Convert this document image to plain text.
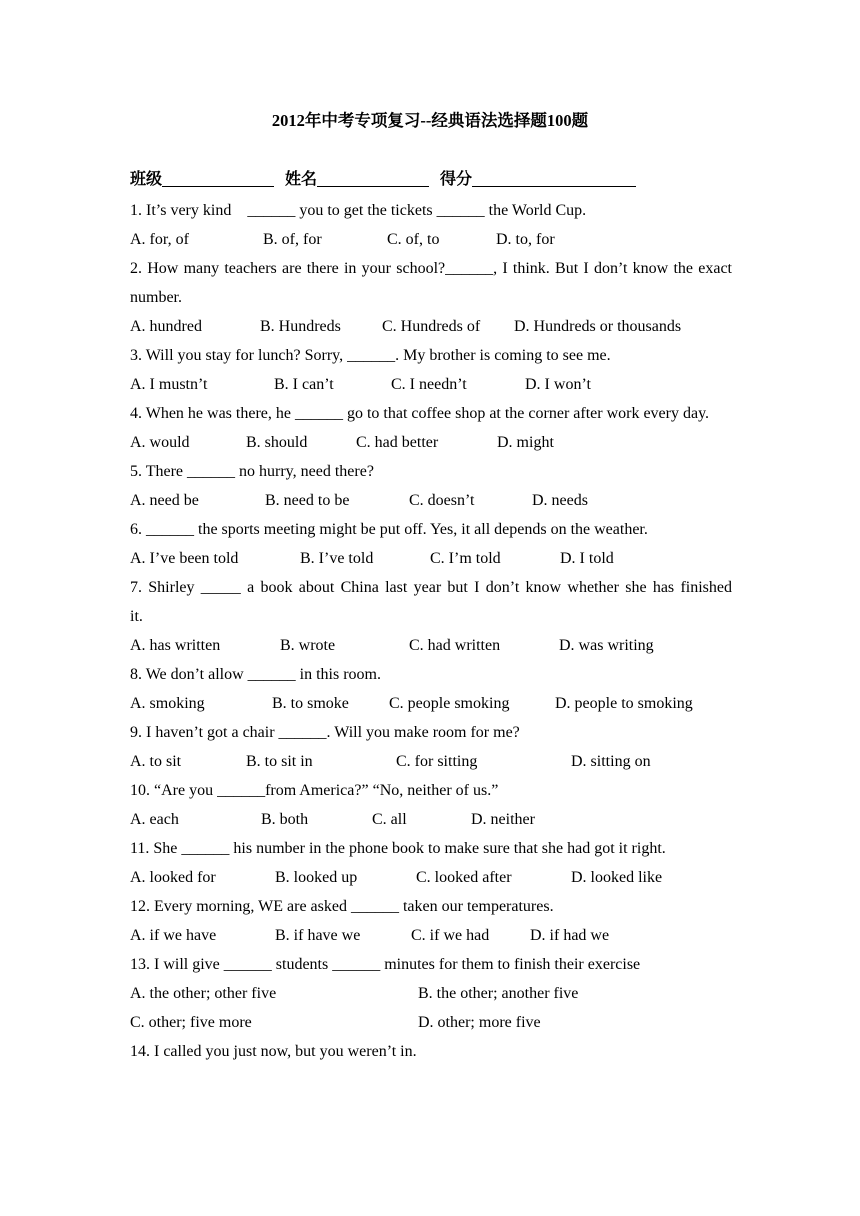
2012年中考专项复习--经典语法选择题100题
班级	姓名	得分
1. It’s very kind    ______ you to get the tickets ______ the World Cup.
A. for, of	B. of, for	C. of, to	D. to, for
2. How many teachers are there in your school?______, I think. But I don’t know the exact number.
A. hundred	B. Hundreds	C. Hundreds of D. Hundreds or thousands
3. Will you stay for lunch? Sorry, ______. My brother is coming to see me.
A. I mustn’t	B. I can’t	C. I needn’t	D. I won’t
4. When he was there, he ______ go to that coffee shop at the corner after work every day.
A. would	B. should	C. had better	D. might
5. There ______ no hurry, need there?
A. need be	B. need to be	C. doesn’t	D. needs
6. ______ the sports meeting might be put off. Yes, it all depends on the weather.
A. I’ve been told	B. I’ve told	C. I’m told	D. I told
7. Shirley _____ a book about China last year but I don’t know whether she has finished it.
A. has written	B. wrote	C. had written	D. was writing
8. We don’t allow ______ in this room.
A. smoking	B. to smoke	C. people smoking	D. people to smoking
9. I haven’t got a chair ______. Will you make room for me?
A. to sit	B. to sit in	C. for sitting	D. sitting on
10. “Are you ______from America?” “No, neither of us.”
A. each	B. both	C. all	D. neither
11. She ______ his number in the phone book to make sure that she had got it right.
A. looked for	B. looked up	C. looked after	D. looked like
12. Every morning, WE are asked ______ taken our temperatures.
A. if we have	B. if have we	C. if we had	D. if had we
13. I will give ______ students ______ minutes for them to finish their exercise
A. the other; other five	B. the other; another five
C. other; five more	D. other; more five
14. I called you just now, but you weren’t in.
